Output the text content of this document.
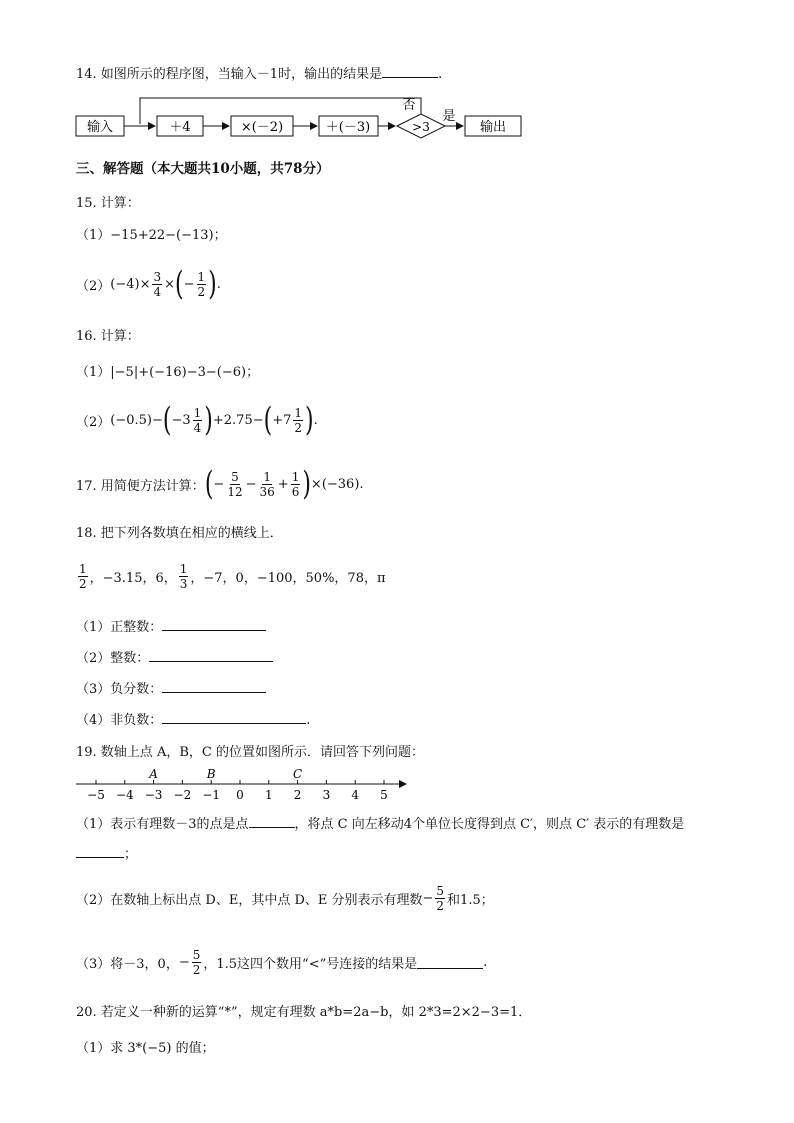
14. 如图所示的程序图，当输入－1时，输出的结果是	.
输入	＋4	×(－2)	＋(－3)	>3
否
是
输出
三、解答题（本大题共10小题，共78分）
15. 计算：
（1）−15+22−(−13)；
（2） $(-4)\times \frac{3}{4}$ × ( − $\frac{1}{2}$ ) .
16. 计算：
（1）|−5|+(−16)−3−(−6)；
（2） (−0.5)− ( $-3 \frac{1}{4}$ ) +2.75− ( $+7 \frac{1}{2}$ ) .
17. 用简便方法计算： ( − $\frac{5}{12} - \frac{1}{36} + \frac{1}{6}$ ) ×(−36) .
18. 把下列各数填在相应的横线上．
$\frac{1}{2}$ ，−3.15，6， $\frac{1}{3}$ ，−7，0，−100，50%，78，π
（1）正整数：
（2）整数：
（3）负分数：
（4）非负数：	.
19. 数轴上点 A，B，C 的位置如图所示．请回答下列问题：
−5 −4 −3 −2 −1 0 1 2 3 4 5
A	B	C
（1）表示有理数－3的点是点	，将点 C 向左移动4个单位长度得到点 C′，则点 C′ 表示的有理数是
；
（2）在数轴上标出点 D、E，其中点 D、E 分别表示有理数 − $\frac{5}{2}$ 和1.5；
（3）将－3，0， − $\frac{5}{2}$ ，1.5这四个数用“<”号连接的结果是	.
20. 若定义一种新的运算“*”，规定有理数 a*b=2a−b，如 2*3=2×2−3=1．
（1）求 3*(−5) 的值；
